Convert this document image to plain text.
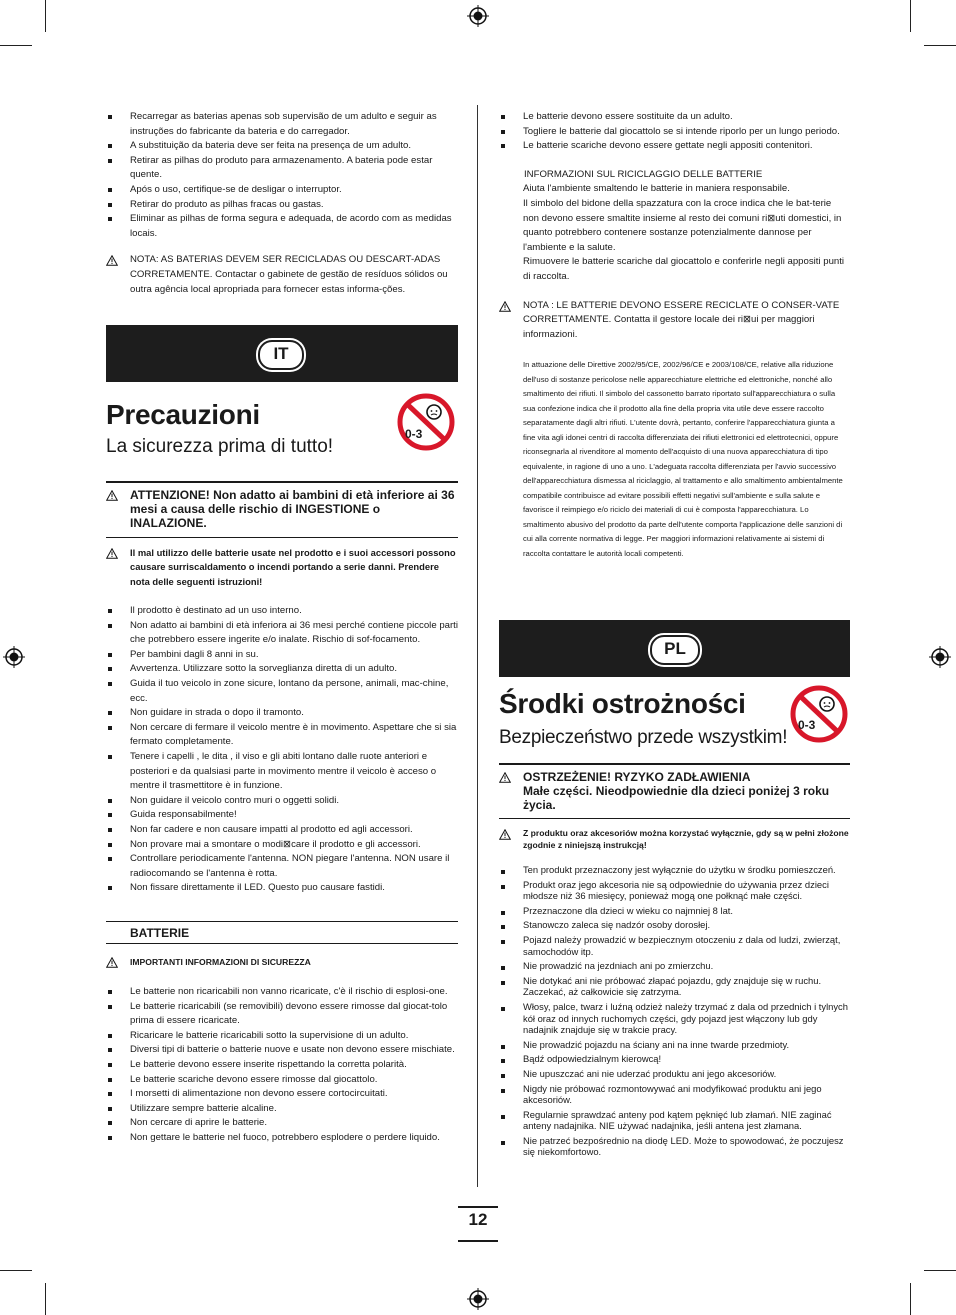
Recarregar as baterias apenas sob supervisão de um adulto e seguir as instruções do fabricante da bateria e do carregador.
A substituição da bateria deve ser feita na presença de um adulto.
Retirar as pilhas do produto para armazenamento. A bateria pode estar quente.
Após o uso, certifique-se de desligar o interruptor.
Retirar do produto as pilhas fracas ou gastas.
Eliminar as pilhas de forma segura e adequada, de acordo com as medidas locais.
NOTA: AS BATERIAS DEVEM SER RECICLADAS OU DESCART-ADAS CORRETAMENTE. Contactar o gabinete de gestão de resíduos sólidos ou outra agência local apropriada para fornecer estas informa-ções.
IT
Precauzioni
La sicurezza prima di tutto!
0-3
ATTENZIONE! Non adatto ai bambini di età inferiore ai 36 mesi a causa delle rischio di INGESTIONE o INALAZIONE.
Il mal utilizzo delle batterie usate nel prodotto e i suoi accessori possono causare surriscaldamento o incendi portando a serie danni. Prendere nota delle seguenti istruzioni!
Il prodotto è destinato ad un uso interno.
Non adatto ai bambini di età inferiora ai 36 mesi perché contiene piccole parti che potrebbero essere ingerite e/o inalate. Rischio di sof-focamento.
Per bambini dagli 8 anni in su.
Avvertenza. Utilizzare sotto la sorveglianza diretta di un adulto.
Guida il tuo veicolo in zone sicure, lontano da persone, animali, mac-chine, ecc.
Non guidare in strada o dopo il tramonto.
Non cercare di fermare il veicolo mentre è in movimento. Aspettare che si sia fermato completamente.
Tenere i capelli , le dita , il viso e gli abiti lontano dalle ruote anteriori e posteriori e da qualsiasi parte in movimento mentre il veicolo è acceso o mentre il trasmettitore è in funzione.
Non guidare il veicolo contro muri o oggetti solidi.
Guida responsabilmente!
Non far cadere e non causare impatti al prodotto ed agli accessori.
Non provare mai a smontare o modi⊠care il prodotto e gli accessori.
Controllare periodicamente l'antenna. NON piegare l'antenna. NON usare il radiocomando se l'antenna è rotta.
Non fissare direttamente il LED. Questo puo causare fastidi.
BATTERIE
IMPORTANTI INFORMAZIONI DI SICUREZZA
Le batterie non ricaricabili non vanno ricaricate, c'è il rischio di esplosi-one.
Le batterie ricaricabili (se removibili) devono essere rimosse dal giocat-tolo prima di essere ricaricate.
Ricaricare le batterie ricaricabili sotto la supervisione di un adulto.
Diversi tipi di batterie o batterie nuove e usate non devono essere mischiate.
Le batterie devono essere inserite rispettando la corretta polarità.
Le batterie scariche devono essere rimosse dal giocattolo.
I morsetti di alimentazione non devono essere cortocircuitati.
Utilizzare sempre batterie alcaline.
Non cercare di aprire le batterie.
Non gettare le batterie nel fuoco, potrebbero esplodere o perdere liquido.
Le batterie devono essere sostituite da un adulto.
Togliere le batterie dal giocattolo se si intende riporlo per un lungo periodo.
Le batterie scariche devono essere gettate negli appositi contenitori.
INFORMAZIONI SUL RICICLAGGIO DELLE BATTERIE
Aiuta l'ambiente smaltendo le batterie in maniera responsabile.
Il simbolo del bidone della spazzatura con la croce indica che le bat-terie non devono essere smaltite insieme al resto dei comuni ri⊠uti domestici, in quanto potrebbero contenere sostanze potenzialmente dannose per l'ambiente e la salute.
Rimuovere le batterie scariche dal giocattolo e conferirle negli appositi punti di raccolta.
NOTA : LE BATTERIE DEVONO ESSERE RECICLATE O CONSER-VATE CORRETTAMENTE. Contatta il gestore locale dei ri⊠ui per maggiori informazioni.
In attuazione delle Direttive 2002/95/CE, 2002/96/CE e 2003/108/CE, relative alla riduzione dell'uso di sostanze pericolose nelle apparecchiature elettriche ed elettroniche, nonché allo smaltimento dei rifiuti. Il simbolo del cassonetto barrato riportato sull'apparecchiatura o sulla sua confezione indica che il prodotto alla fine della propria vita utile deve essere raccolto separatamente dagli altri rifiuti. L'utente dovrà, pertanto, conferire l'apparecchiatura giunta a fine vita agli idonei centri di raccolta differenziata dei rifiuti elettronici ed elettrotecnici, oppure riconsegnarla al rivenditore al momento dell'acquisto di una nuova apparecchiatura di tipo equivalente, in ragione di uno a uno. L'adeguata raccolta differenziata per l'avvio successivo dell'apparecchiatura dismessa al riciclaggio, al trattamento e allo smaltimento ambientalmente compatibile contribuisce ad evitare possibili effetti negativi sull'ambiente e sulla salute e favorisce il reimpiego e/o riciclo dei materiali di cui è composta l'apparecchiatura. Lo smaltimento abusivo del prodotto da parte dell'utente comporta l'applicazione delle sanzioni di cui alla corrente normativa di legge. Per maggiori informazioni relativamente ai sistemi di raccolta contattare le autorità locali competenti.
PL
Środki ostrożności
Bezpieczeństwo przede wszystkim!
0-3
OSTRZEŻENIE! RYZYKO ZADŁAWIENIA
Małe części. Nieodpowiednie dla dzieci poniżej 3 roku życia.
Z produktu oraz akcesoriów można korzystać wyłącznie, gdy są w pełni złożone zgodnie z niniejszą instrukcją!
Ten produkt przeznaczony jest wyłącznie do użytku w środku pomieszczeń.
Produkt oraz jego akcesoria nie są odpowiednie do używania przez dzieci młodsze niż 36 miesięcy, ponieważ mogą one połknąć małe części.
Przeznaczone dla dzieci w wieku co najmniej 8 lat.
Stanowczo zaleca się nadzór osoby dorosłej.
Pojazd należy prowadzić w bezpiecznym otoczeniu z dala od ludzi, zwierząt, samochodów itp.
Nie prowadzić na jezdniach ani po zmierzchu.
Nie dotykać ani nie próbować złapać pojazdu, gdy znajduje się w ruchu. Zaczekać, aż całkowicie się zatrzyma.
Włosy, palce, twarz i luźną odzież należy trzymać z dala od przednich i tylnych kół oraz od innych ruchomych części, gdy pojazd jest włączony lub gdy nadajnik znajduje się w trakcie pracy.
Nie prowadzić pojazdu na ściany ani na inne twarde przedmioty.
Bądź odpowiedzialnym kierowcą!
Nie upuszczać ani nie uderzać produktu ani jego akcesoriów.
Nigdy nie próbować rozmontowywać ani modyfikować produktu ani jego akcesoriów.
Regularnie sprawdzać anteny pod kątem pęknięć lub złamań. NIE zaginać anteny nadajnika. NIE używać nadajnika, jeśli antena jest złamana.
Nie patrzeć bezpośrednio na diodę LED. Może to spowodować, że poczujesz się niekomfortowo.
12
